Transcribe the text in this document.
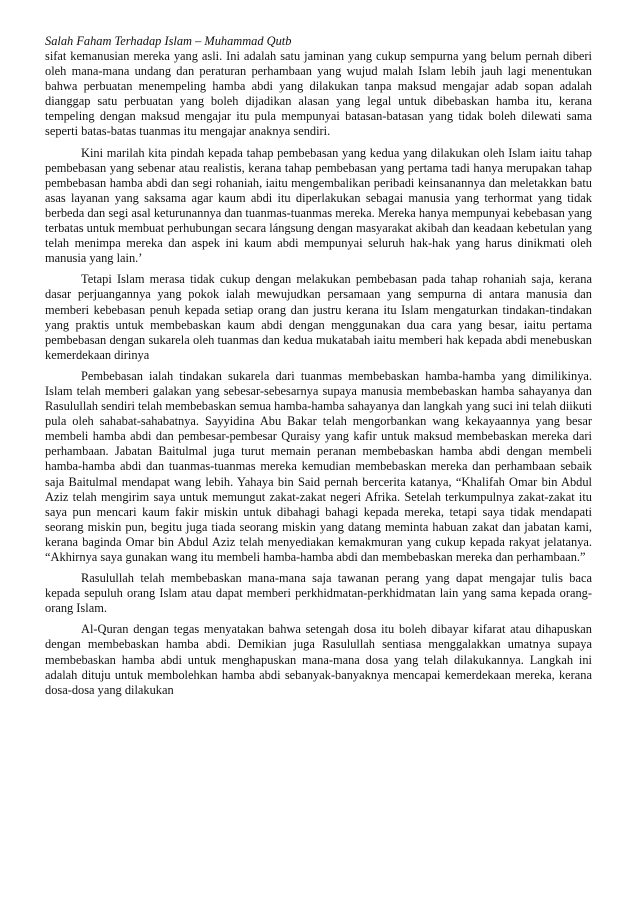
Salah Faham Terhadap Islam – Muhammad Qutb

sifat kemanusian mereka yang asli. Ini adalah satu jaminan yang cukup sempurna yang belum pernah diberi oleh mana-mana undang dan peraturan perhambaan yang wujud malah Islam lebih jauh lagi menentukan bahwa perbuatan menempeling hamba abdi yang dilakukan tanpa maksud mengajar adab sopan adalah dianggap satu perbuatan yang boleh dijadikan alasan yang legal untuk dibebaskan hamba itu, kerana tempeling dengan maksud mengajar itu pula mempunyai batasan-batasan yang tidak boleh dilewati sama seperti batas-batas tuanmas itu mengajar anaknya sendiri.

Kini marilah kita pindah kepada tahap pembebasan yang kedua yang dilakukan oleh Islam iaitu tahap pembebasan yang sebenar atau realistis, kerana tahap pembebasan yang pertama tadi hanya merupakan tahap pembebasan hamba abdi dan segi rohaniah, iaitu mengembalikan peribadi keinsanannya dan meletakkan batu asas layanan yang saksama agar kaum abdi itu diperlakukan sebagai manusia yang terhormat yang tidak berbeda dan segi asal keturunannya dan tuanmas-tuanmas mereka. Mereka hanya mempunyai kebebasan yang terbatas untuk membuat perhubungan secara lángsung dengan masyarakat akibah dan keadaan kebetulan yang telah menimpa mereka dan aspek ini kaum abdi mempunyai seluruh hak-hak yang harus dinikmati oleh manusia yang lain.’

Tetapi Islam merasa tidak cukup dengan melakukan pembebasan pada tahap rohaniah saja, kerana dasar perjuangannya yang pokok ialah mewujudkan persamaan yang sempurna di antara manusia dan memberi kebebasan penuh kepada setiap orang dan justru kerana itu Islam mengaturkan tindakan-tindakan yang praktis untuk membebaskan kaum abdi dengan menggunakan dua cara yang besar, iaitu pertama pembebasan dengan sukarela oleh tuanmas dan kedua mukatabah iaitu memberi hak kepada abdi menebuskan kemerdekaan dirinya

Pembebasan ialah tindakan sukarela dari tuanmas membebaskan hamba-hamba yang dimilikinya. Islam telah memberi galakan yang sebesar-sebesarnya supaya manusia membebaskan hamba sahayanya dan Rasulullah sendiri telah membebaskan semua hamba-hamba sahayanya dan langkah yang suci ini telah diikuti pula oleh sahabat-sahabatnya. Sayyidina Abu Bakar telah mengorbankan wang kekayaannya yang besar membeli hamba abdi dan pembesar-pembesar Quraisy yang kafir untuk maksud membebaskan mereka dari perhambaan. Jabatan Baitulmal juga turut memain peranan membebaskan hamba abdi dengan membeli hamba-hamba abdi dan tuanmas-tuanmas mereka kemudian membebaskan mereka dan perhambaan sebaik saja Baitulmal mendapat wang lebih. Yahaya bin Said pernah bercerita katanya, “Khalifah Omar bin Abdul Aziz telah mengirim saya untuk memungut zakat-zakat negeri Afrika. Setelah terkumpulnya zakat-zakat itu saya pun mencari kaum fakir miskin untuk dibahagi bahagi kepada mereka, tetapi saya tidak mendapati seorang miskin pun, begitu juga tiada seorang miskin yang datang meminta habuan zakat dan jabatan kami, kerana baginda Omar bin Abdul Aziz telah menyediakan kemakmuran yang cukup kepada rakyat jelatanya. “Akhirnya saya gunakan wang itu membeli hamba-hamba abdi dan membebaskan mereka dan perhambaan.”

Rasulullah telah membebaskan mana-mana saja tawanan perang yang dapat mengajar tulis baca kepada sepuluh orang Islam atau dapat memberi perkhidmatan-perkhidmatan lain yang sama kepada orang-orang Islam.

Al-Quran dengan tegas menyatakan bahwa setengah dosa itu boleh dibayar kifarat atau dihapuskan dengan membebaskan hamba abdi. Demikian juga Rasulullah sentiasa menggalakkan umatnya supaya membebaskan hamba abdi untuk menghapuskan mana-mana dosa yang telah dilakukannya. Langkah ini adalah dituju untuk membolehkan hamba abdi sebanyak-banyaknya mencapai kemerdekaan mereka, kerana dosa-dosa yang dilakukan
